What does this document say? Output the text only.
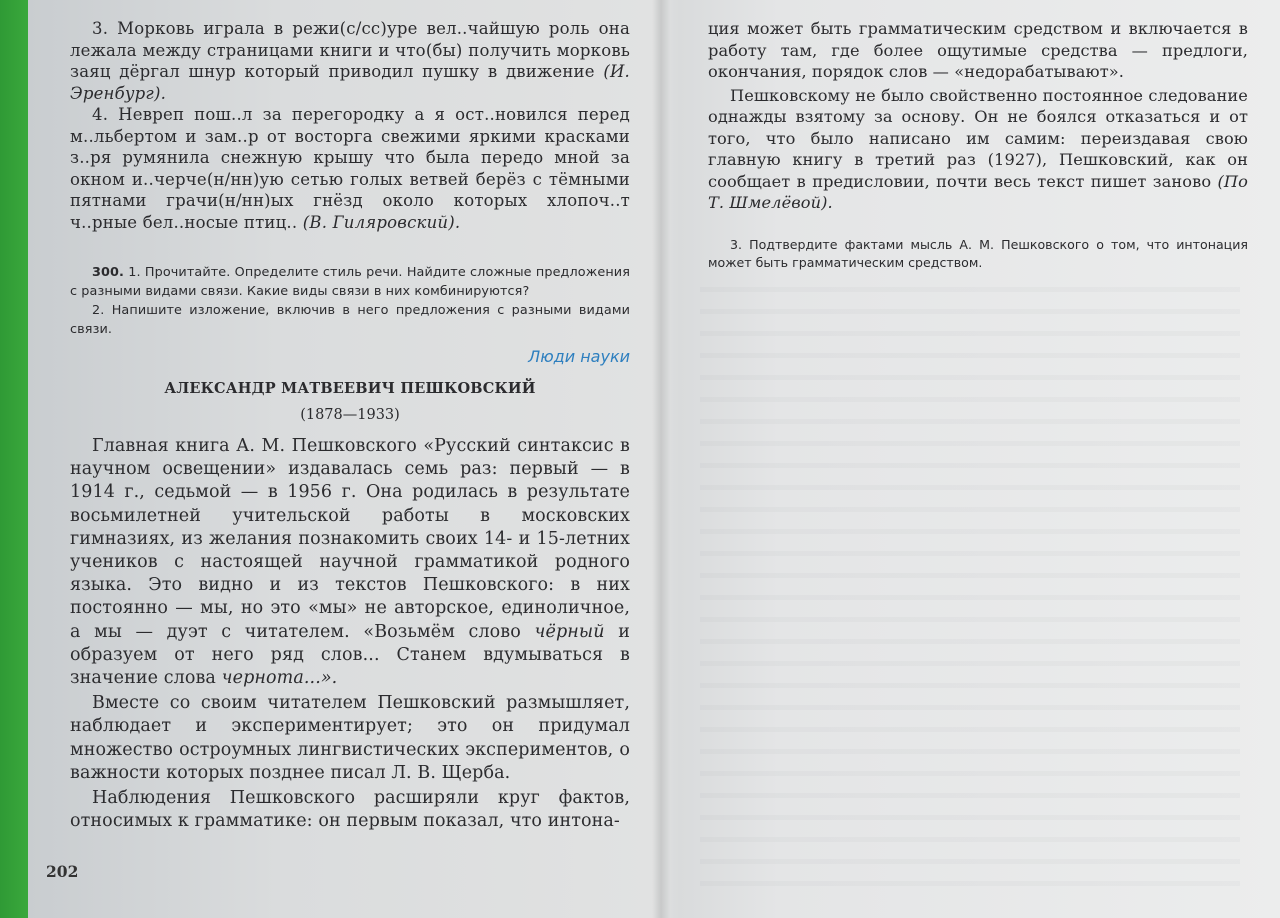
3. Морковь играла в режи(с/сс)уре вел..чайшую роль она лежала между страницами книги и что(бы) получить морковь заяц дёргал шнур который приводил пушку в движение (И. Эренбург).

4. Невреп пош..л за перегородку а я ост..новился перед м..льбертом и зам..р от восторга свежими яркими красками з..ря румянила снежную крышу что была передо мной за окном и..черче(н/нн)ую сетью голых ветвей берёз с тёмными пятнами грачи(н/нн)ых гнёзд около которых хлопоч..т ч..рные бел..носые птиц.. (В. Гиляровский).

300. 1. Прочитайте. Определите стиль речи. Найдите сложные предложения с разными видами связи. Какие виды связи в них комбинируются?

2. Напишите изложение, включив в него предложения с разными видами связи.

Люди науки
АЛЕКСАНДР МАТВЕЕВИЧ ПЕШКОВСКИЙ
(1878—1933)

Главная книга А. М. Пешковского «Русский синтаксис в научном освещении» издавалась семь раз: первый — в 1914 г., седьмой — в 1956 г. Она родилась в результате восьмилетней учительской работы в московских гимназиях, из желания познакомить своих 14- и 15-летних учеников с настоящей научной грамматикой родного языка. Это видно и из текстов Пешковского: в них постоянно — мы, но это «мы» не авторское, единоличное, а мы — дуэт с читателем. «Возьмём слово чёрный и образуем от него ряд слов... Станем вдумываться в значение слова чернота...».

Вместе со своим читателем Пешковский размышляет, наблюдает и экспериментирует; это он придумал множество остроумных лингвистических экспериментов, о важности которых позднее писал Л. В. Щерба.

Наблюдения Пешковского расширяли круг фактов, относимых к грамматике: он первым показал, что интона-

202

ция может быть грамматическим средством и включается в работу там, где более ощутимые средства — предлоги, окончания, порядок слов — «недорабатывают».

Пешковскому не было свойственно постоянное следование однажды взятому за основу. Он не боялся отказаться и от того, что было написано им самим: переиздавая свою главную книгу в третий раз (1927), Пешковский, как он сообщает в предисловии, почти весь текст пишет заново (По Т. Шмелёвой).

3. Подтвердите фактами мысль А. М. Пешковского о том, что интонация может быть грамматическим средством.
